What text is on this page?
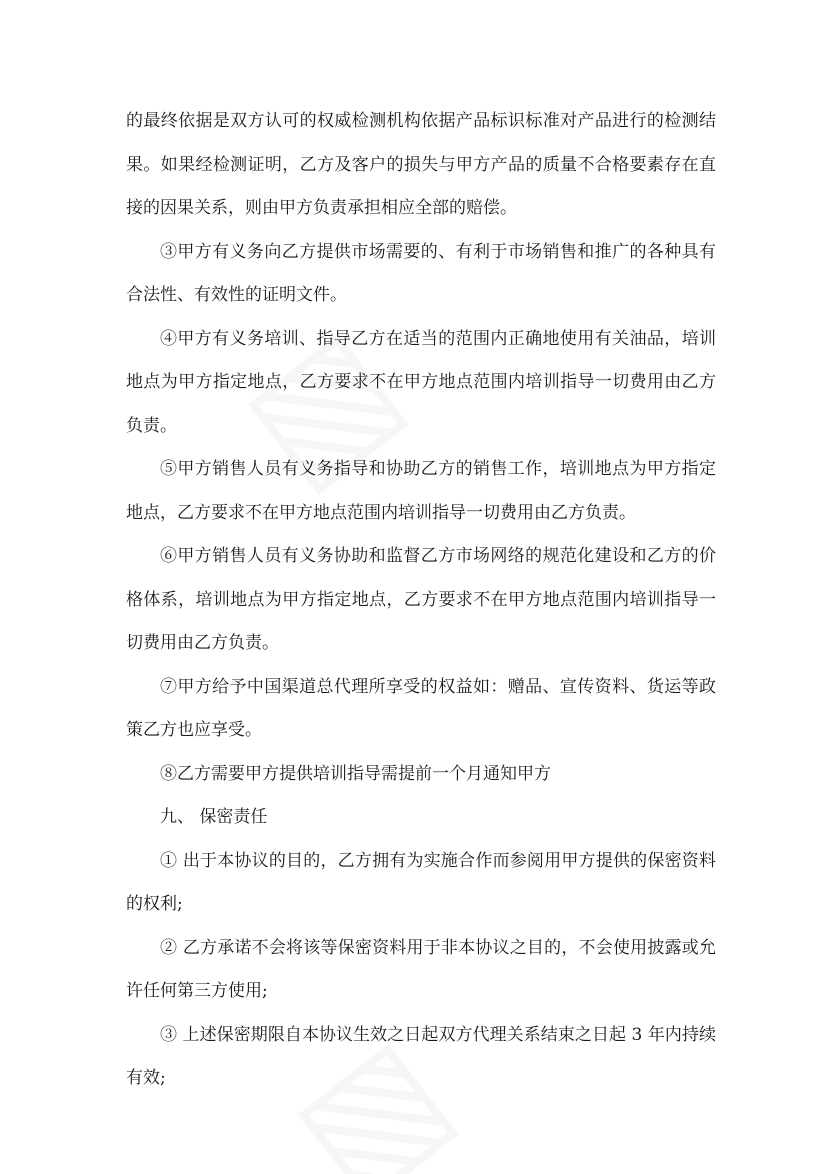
的最终依据是双方认可的权威检测机构依据产品标识标准对产品进行的检测结果。如果经检测证明，乙方及客户的损失与甲方产品的质量不合格要素存在直接的因果关系，则由甲方负责承担相应全部的赔偿。

③甲方有义务向乙方提供市场需要的、有利于市场销售和推广的各种具有合法性、有效性的证明文件。

④甲方有义务培训、指导乙方在适当的范围内正确地使用有关油品，培训地点为甲方指定地点，乙方要求不在甲方地点范围内培训指导一切费用由乙方负责。

⑤甲方销售人员有义务指导和协助乙方的销售工作，培训地点为甲方指定地点，乙方要求不在甲方地点范围内培训指导一切费用由乙方负责。

⑥甲方销售人员有义务协助和监督乙方市场网络的规范化建设和乙方的价格体系，培训地点为甲方指定地点，乙方要求不在甲方地点范围内培训指导一切费用由乙方负责。

⑦甲方给予中国渠道总代理所享受的权益如：赠品、宣传资料、货运等政策乙方也应享受。

⑧乙方需要甲方提供培训指导需提前一个月通知甲方

九、 保密责任

① 出于本协议的目的，乙方拥有为实施合作而参阅用甲方提供的保密资料的权利;

② 乙方承诺不会将该等保密资料用于非本协议之目的，不会使用披露或允许任何第三方使用;

③ 上述保密期限自本协议生效之日起双方代理关系结束之日起 3 年内持续有效;
